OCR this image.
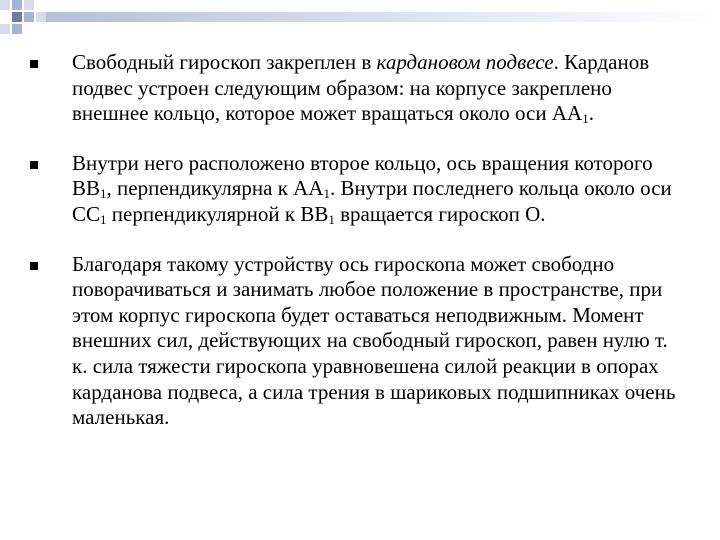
Свободный гироскоп закреплен в кардановом подвесе. Карданов подвес устроен следующим образом: на корпусе закреплено внешнее кольцо, которое может вращаться около оси $АА_1$.
Внутри него расположено второе кольцо, ось вращения которого $ВВ_1$, перпендикулярна к $АА_1$. Внутри последнего кольца около оси $СС_1$ перпендикулярной к $ВВ_1$ вращается гироскоп О.
Благодаря такому устройству ось гироскопа может свободно поворачиваться и занимать любое положение в пространстве, при этом корпус гироскопа будет оставаться неподвижным. Момент внешних сил, действующих на свободный гироскоп, равен нулю т. к. сила тяжести гироскопа уравновешена силой реакции в опорах карданова подвеса, а сила трения в шариковых подшипниках очень маленькая.
